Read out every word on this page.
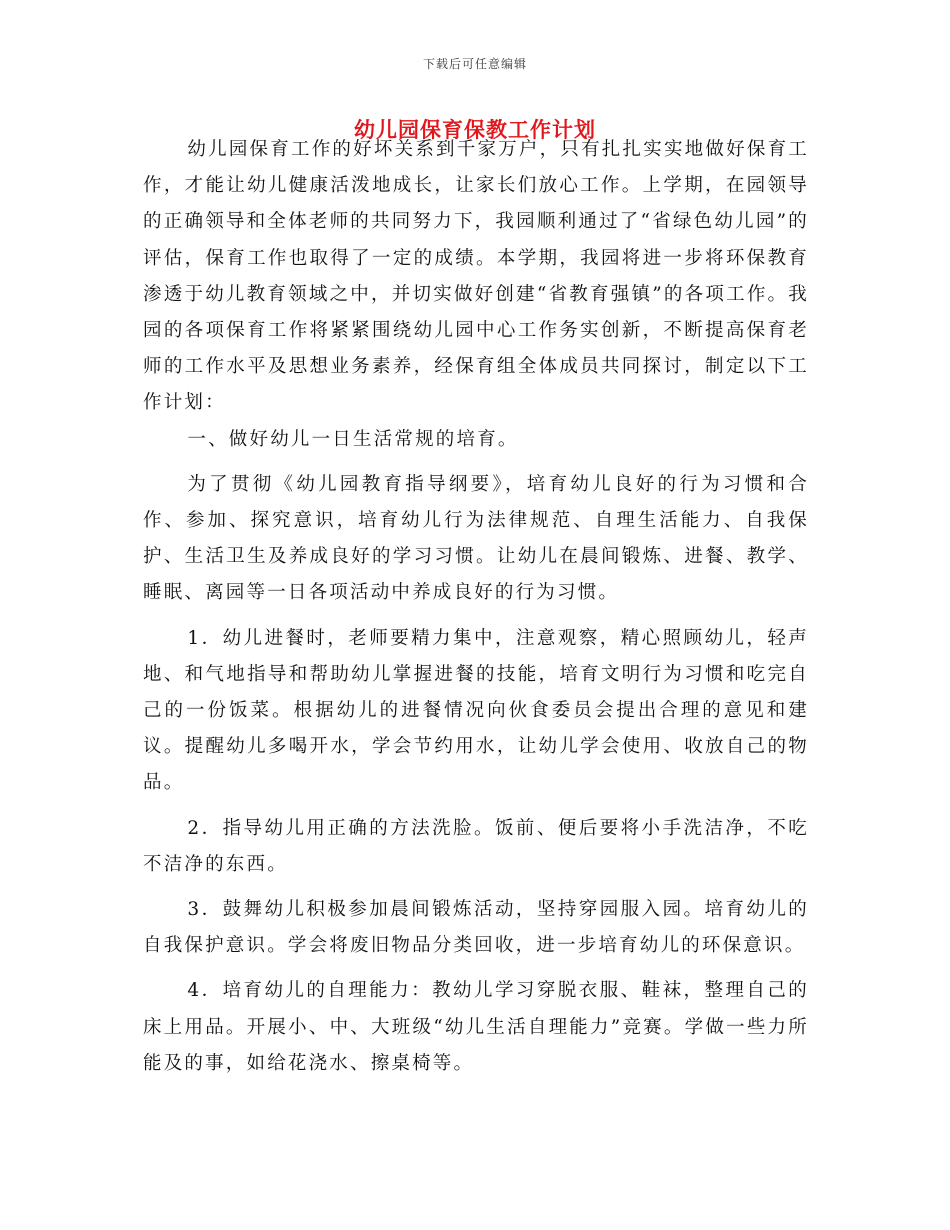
下载后可任意编辑
幼儿园保育保教工作计划

幼儿园保育工作的好坏关系到千家万户，只有扎扎实实地做好保育工作，才能让幼儿健康活泼地成长，让家长们放心工作。上学期，在园领导的正确领导和全体老师的共同努力下，我园顺利通过了“省绿色幼儿园”的评估，保育工作也取得了一定的成绩。本学期，我园将进一步将环保教育渗透于幼儿教育领域之中，并切实做好创建“省教育强镇”的各项工作。我园的各项保育工作将紧紧围绕幼儿园中心工作务实创新，不断提高保育老师的工作水平及思想业务素养，经保育组全体成员共同探讨，制定以下工作计划：

一、做好幼儿一日生活常规的培育。

为了贯彻《幼儿园教育指导纲要》，培育幼儿良好的行为习惯和合作、参加、探究意识，培育幼儿行为法律规范、自理生活能力、自我保护、生活卫生及养成良好的学习习惯。让幼儿在晨间锻炼、进餐、教学、睡眠、离园等一日各项活动中养成良好的行为习惯。

1．幼儿进餐时，老师要精力集中，注意观察，精心照顾幼儿，轻声地、和气地指导和帮助幼儿掌握进餐的技能，培育文明行为习惯和吃完自己的一份饭菜。根据幼儿的进餐情况向伙食委员会提出合理的意见和建议。提醒幼儿多喝开水，学会节约用水，让幼儿学会使用、收放自己的物品。

2．指导幼儿用正确的方法洗脸。饭前、便后要将小手洗洁净，不吃不洁净的东西。

3．鼓舞幼儿积极参加晨间锻炼活动，坚持穿园服入园。培育幼儿的自我保护意识。学会将废旧物品分类回收，进一步培育幼儿的环保意识。

4．培育幼儿的自理能力：教幼儿学习穿脱衣服、鞋袜，整理自己的床上用品。开展小、中、大班级“幼儿生活自理能力”竞赛。学做一些力所能及的事，如给花浇水、擦桌椅等。
